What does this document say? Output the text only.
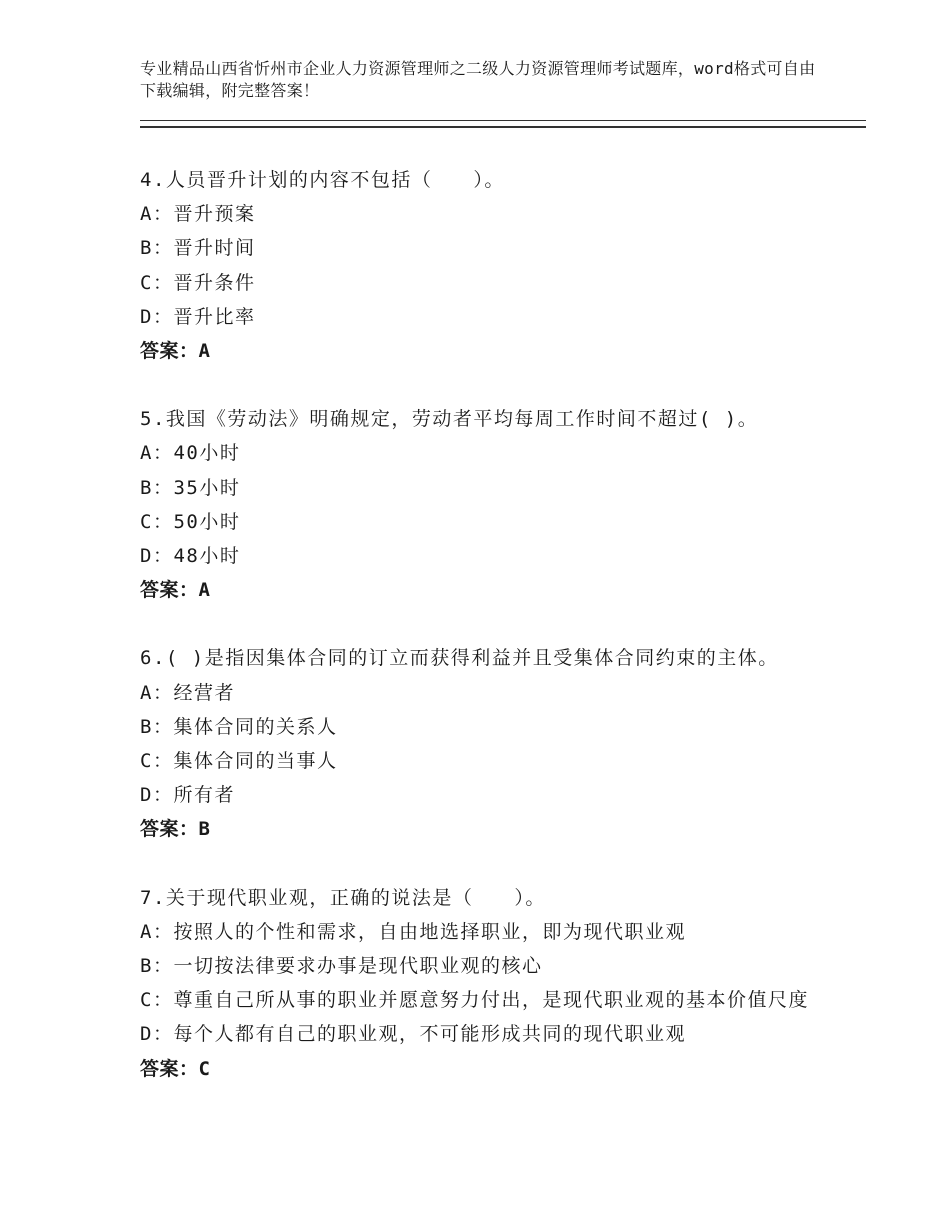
专业精品山西省忻州市企业人力资源管理师之二级人力资源管理师考试题库，word格式可自由下载编辑，附完整答案！
4.人员晋升计划的内容不包括（　　）。
A：晋升预案
B：晋升时间
C：晋升条件
D：晋升比率
答案：A
5.我国《劳动法》明确规定，劳动者平均每周工作时间不超过( )。
A：40小时
B：35小时
C：50小时
D：48小时
答案：A
6.( )是指因集体合同的订立而获得利益并且受集体合同约束的主体。
A：经营者
B：集体合同的关系人
C：集体合同的当事人
D：所有者
答案：B
7.关于现代职业观，正确的说法是（　　）。
A：按照人的个性和需求，自由地选择职业，即为现代职业观
B：一切按法律要求办事是现代职业观的核心
C：尊重自己所从事的职业并愿意努力付出，是现代职业观的基本价值尺度
D：每个人都有自己的职业观，不可能形成共同的现代职业观
答案：C
